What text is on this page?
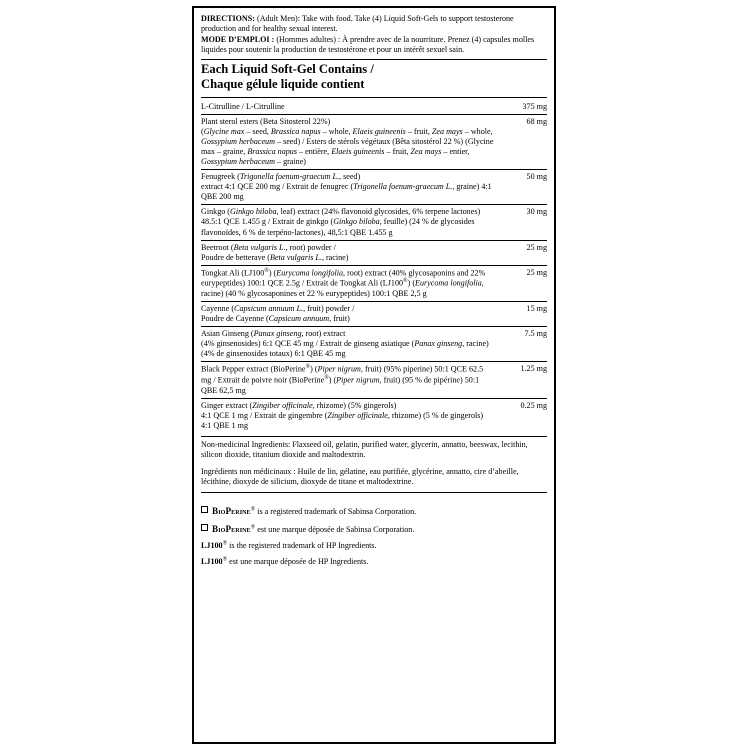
DIRECTIONS: (Adult Men): Take with food. Take (4) Liquid Soft-Gels to support testosterone production and for healthy sexual interest.
MODE D’EMPLOI : (Hommes adultes) : À prendre avec de la nourriture. Prenez (4) capsules molles liquides pour soutenir la production de testostérone et pour un intérêt sexuel sain.
Each Liquid Soft-Gel Contains /
Chaque gélule liquide contient
L-Citrulline / L-Citrulline	375 mg
Plant sterol esters (Beta Sitosterol 22%)
(Glycine max – seed, Brassica napus – whole, Elaeis guineenis – fruit, Zea mays – whole, Gossypium herbaceum – seed) / Esters de stérols végétaux (Bêta sitostérol 22 %) (Glycine max – graine, Brassica napus – entière, Elaeis guineenis – fruit, Zea mays – entier, Gossypium herbaceum – graine)
68 mg
Fenugreek (Trigonella foenum-graecum L., seed)
extract 4:1 QCE 200 mg / Extrait de fenugrec (Trigonella foenum-graecum L., graine) 4:1 QBE 200 mg
50 mg
Ginkgo (Ginkgo biloba, leaf) extract (24% flavonoid glycosides, 6% terpene lactones) 48.5:1 QCE 1.455 g / Extrait de ginkgo (Ginkgo biloba, feuille) (24 % de glycosides flavonoïdes, 6 % de terpéno-lactones), 48,5:1 QBE 1.455 g
30 mg
Beetroot (Beta vulgaris L., root) powder /
Poudre de betterave (Beta vulgaris L., racine)
25 mg
Tongkat Ali (LJ100®) (Eurycoma longifolia, root) extract (40% glycosaponins and 22% eurypeptides) 100:1 QCE 2.5g / Extrait de Tongkat Ali (LJ100®) (Eurycoma longifolia, racine) (40 % glycosaponines et 22 % eurypeptides) 100:1 QBE 2,5 g
25 mg
Cayenne (Capsicum annuum L., fruit) powder /
Poudre de Cayenne (Capsicum annuum, fruit)
15 mg
Asian Ginseng (Panax ginseng, root) extract
(4% ginsenosides) 6:1 QCE 45 mg / Extrait de ginseng asiatique (Panax ginseng, racine) (4% de ginsenosides totaux) 6:1 QBE 45 mg
7.5 mg
Black Pepper extract (BioPerine®) (Piper nigrum, fruit) (95% piperine) 50:1 QCE 62.5 mg / Extrait de poivre noir (BioPerine®) (Piper nigrum, fruit) (95 % de pipérine) 50:1 QBE 62,5 mg
1.25 mg
Ginger extract (Zingiber officinale, rhizome) (5% gingerols)
4:1 QCE 1 mg / Extrait de gingembre (Zingiber officinale, rhizome) (5 % de gingerols) 4:1 QBE 1 mg
0.25 mg

Non-medicinal Ingredients: Flaxseed oil, gelatin, purified water, glycerin, annatto, beeswax, lecithin, silicon dioxide, titanium dioxide and maltodextrin.

Ingrédients non médicinaux : Huile de lin, gélatine, eau purifiée, glycérine, annatto, cire d’abeille, lécithine, dioxyde de silicium, dioxyde de titane et maltodextrine.

BioPerine® is a registered trademark of Sabinsa Corporation.
BioPerine® est une marque déposée de Sabinsa Corporation.
LJ100® is the registered trademark of HP Ingredients.
LJ100® est une marque déposée de HP Ingredients.
